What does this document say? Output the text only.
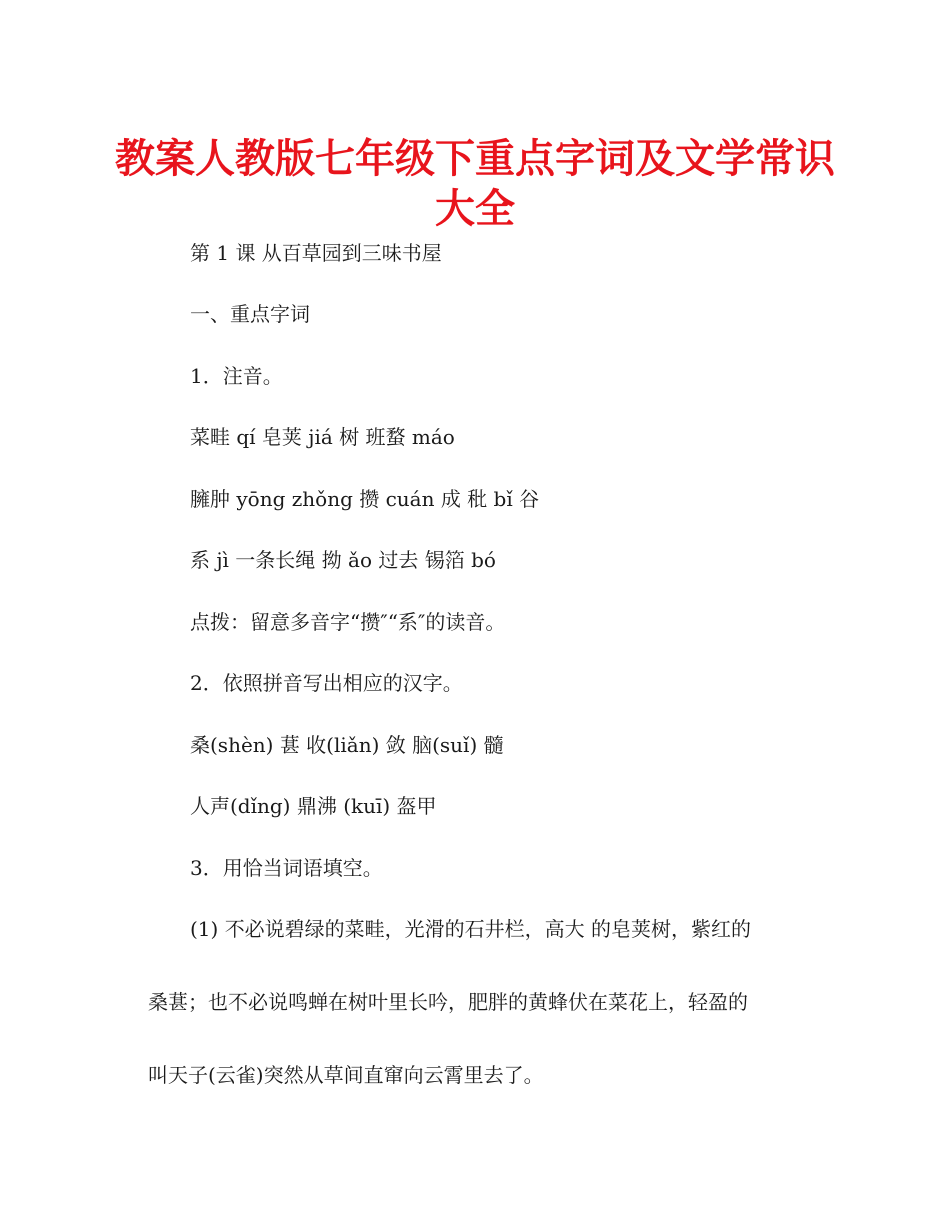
教案人教版七年级下重点字词及文学常识
大全
第 1 课 从百草园到三味书屋
一、重点字词
1．注音。
菜畦 qí 皂荚 jiá 树 班蝥 máo
臃肿 yōng zhǒng 攒 cuán 成 秕 bǐ 谷
系 jì 一条长绳 拗 ǎo 过去 锡箔 bó
点拨：留意多音字“攒″“系″的读音。
2．依照拼音写出相应的汉字。
桑(shèn) 葚 收(liǎn) 敛 脑(suǐ) 髓
人声(dǐng) 鼎沸 (kuī) 盔甲
3．用恰当词语填空。
(1) 不必说碧绿的菜畦，光滑的石井栏，高大 的皂荚树，紫红的
桑葚；也不必说鸣蝉在树叶里长吟，肥胖的黄蜂伏在菜花上，轻盈的
叫天子(云雀)突然从草间直窜向云霄里去了。
